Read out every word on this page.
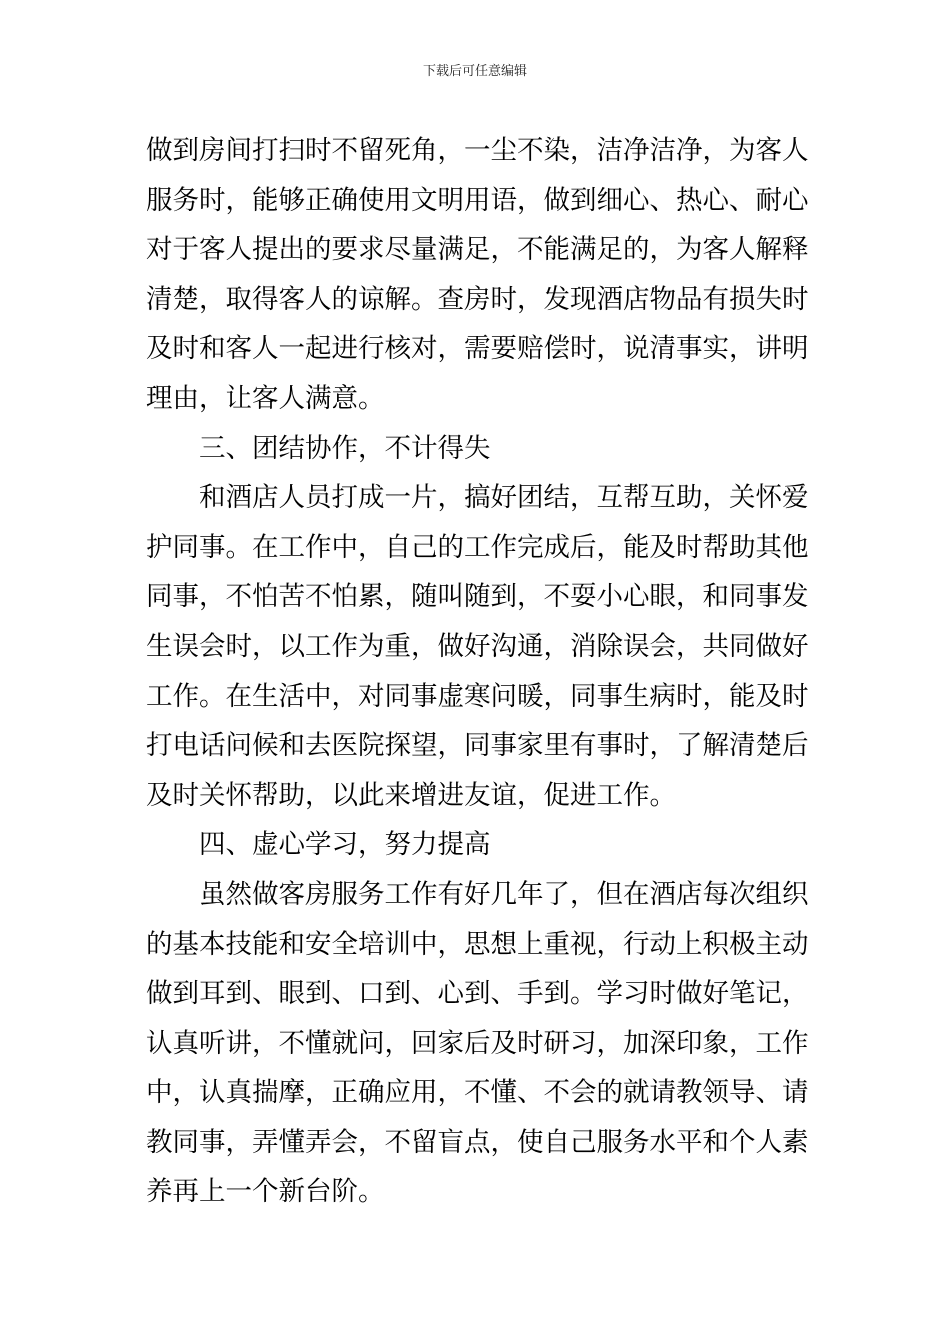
下载后可任意编辑
做到房间打扫时不留死角，一尘不染，洁净洁净，为客人
服务时，能够正确使用文明用语，做到细心、热心、耐心
对于客人提出的要求尽量满足，不能满足的，为客人解释
清楚，取得客人的谅解。查房时，发现酒店物品有损失时
及时和客人一起进行核对，需要赔偿时，说清事实，讲明
理由，让客人满意。
三、团结协作，不计得失
和酒店人员打成一片，搞好团结，互帮互助，关怀爱
护同事。在工作中，自己的工作完成后，能及时帮助其他
同事，不怕苦不怕累，随叫随到，不耍小心眼，和同事发
生误会时，以工作为重，做好沟通，消除误会，共同做好
工作。在生活中，对同事虚寒问暖，同事生病时，能及时
打电话问候和去医院探望，同事家里有事时，了解清楚后
及时关怀帮助，以此来增进友谊，促进工作。
四、虚心学习，努力提高
虽然做客房服务工作有好几年了，但在酒店每次组织
的基本技能和安全培训中，思想上重视，行动上积极主动
做到耳到、眼到、口到、心到、手到。学习时做好笔记，
认真听讲，不懂就问，回家后及时研习，加深印象，工作
中，认真揣摩，正确应用，不懂、不会的就请教领导、请
教同事，弄懂弄会，不留盲点，使自己服务水平和个人素
养再上一个新台阶。
